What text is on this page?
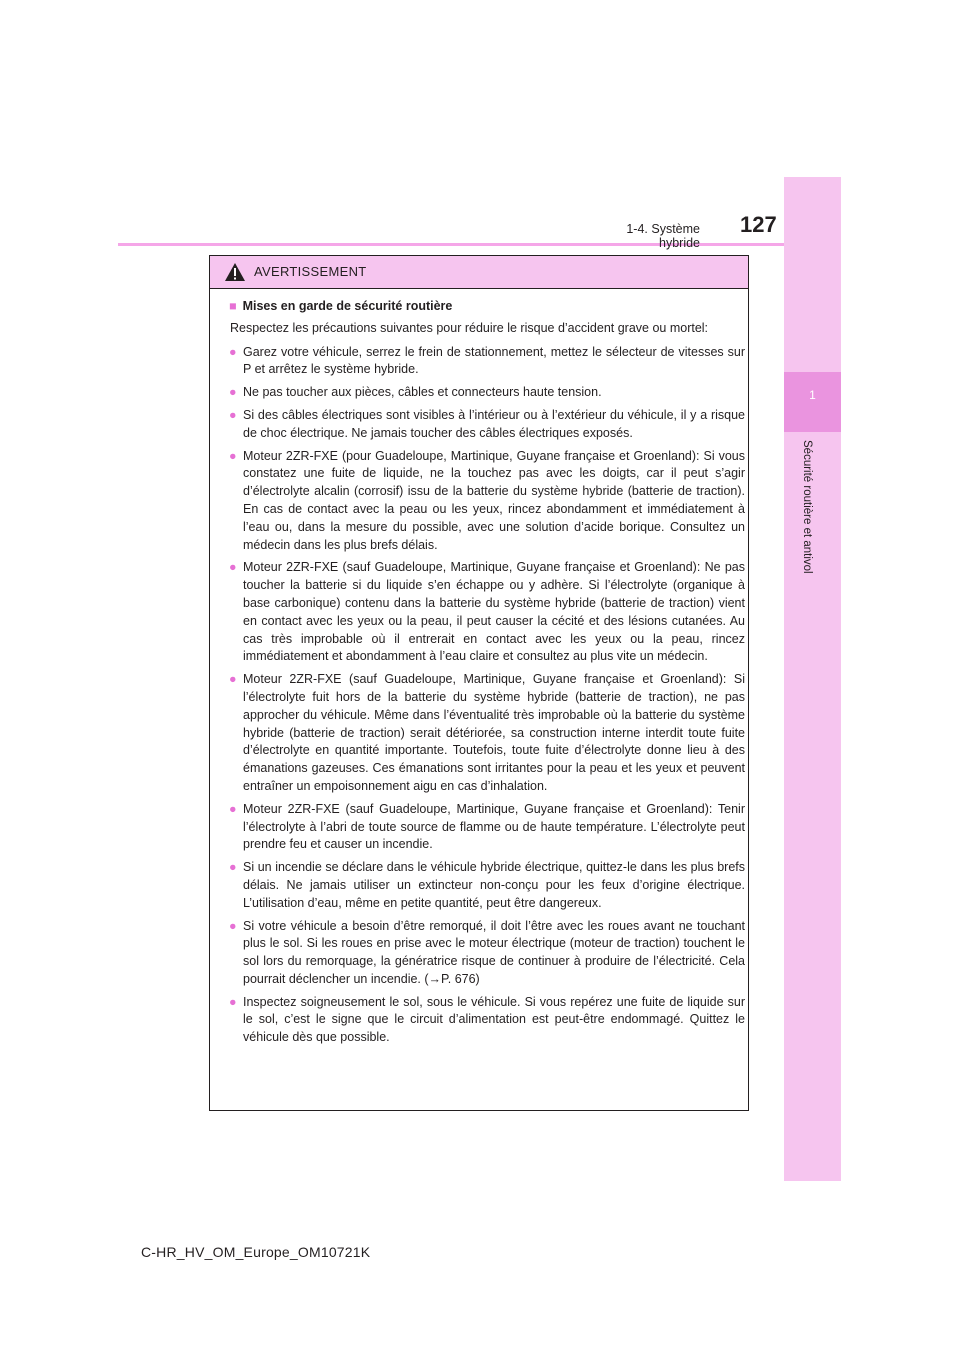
1-4. Système hybride
127
1
Sécurité routière et antivol
AVERTISSEMENT
■ Mises en garde de sécurité routière
Respectez les précautions suivantes pour réduire le risque d’accident grave ou mortel:
● Garez votre véhicule, serrez le frein de stationnement, mettez le sélecteur de vitesses sur P et arrêtez le système hybride.
● Ne pas toucher aux pièces, câbles et connecteurs haute tension.
● Si des câbles électriques sont visibles à l’intérieur ou à l’extérieur du véhicule, il y a risque de choc électrique. Ne jamais toucher des câbles électriques exposés.
● Moteur 2ZR-FXE (pour Guadeloupe, Martinique, Guyane française et Groenland): Si vous constatez une fuite de liquide, ne la touchez pas avec les doigts, car il peut s’agir d’électrolyte alcalin (corrosif) issu de la batterie du système hybride (batterie de traction). En cas de contact avec la peau ou les yeux, rincez abondamment et immédiatement à l’eau ou, dans la mesure du possible, avec une solution d’acide borique. Consultez un médecin dans les plus brefs délais.
● Moteur 2ZR-FXE (sauf Guadeloupe, Martinique, Guyane française et Groenland): Ne pas toucher la batterie si du liquide s’en échappe ou y adhère. Si l’électrolyte (organique à base carbonique) contenu dans la batterie du système hybride (batterie de traction) vient en contact avec les yeux ou la peau, il peut causer la cécité et des lésions cutanées. Au cas très improbable où il entrerait en contact avec les yeux ou la peau, rincez immédiatement et abondamment à l’eau claire et consultez au plus vite un médecin.
● Moteur 2ZR-FXE (sauf Guadeloupe, Martinique, Guyane française et Groenland): Si l’électrolyte fuit hors de la batterie du système hybride (batterie de traction), ne pas approcher du véhicule. Même dans l’éventualité très improbable où la batterie du système hybride (batterie de traction) serait détériorée, sa construction interne interdit toute fuite d’électrolyte en quantité importante. Toutefois, toute fuite d’électrolyte donne lieu à des émanations gazeuses. Ces émanations sont irritantes pour la peau et les yeux et peuvent entraîner un empoisonnement aigu en cas d’inhalation.
● Moteur 2ZR-FXE (sauf Guadeloupe, Martinique, Guyane française et Groenland): Tenir l’électrolyte à l’abri de toute source de flamme ou de haute température. L’électrolyte peut prendre feu et causer un incendie.
● Si un incendie se déclare dans le véhicule hybride électrique, quittez-le dans les plus brefs délais. Ne jamais utiliser un extincteur non-conçu pour les feux d’origine électrique. L’utilisation d’eau, même en petite quantité, peut être dangereux.
● Si votre véhicule a besoin d’être remorqué, il doit l’être avec les roues avant ne touchant plus le sol. Si les roues en prise avec le moteur électrique (moteur de traction) touchent le sol lors du remorquage, la génératrice risque de continuer à produire de l’électricité. Cela pourrait déclencher un incendie. (→P. 676)
● Inspectez soigneusement le sol, sous le véhicule. Si vous repérez une fuite de liquide sur le sol, c’est le signe que le circuit d’alimentation est peut-être endommagé. Quittez le véhicule dès que possible.
C-HR_HV_OM_Europe_OM10721K
